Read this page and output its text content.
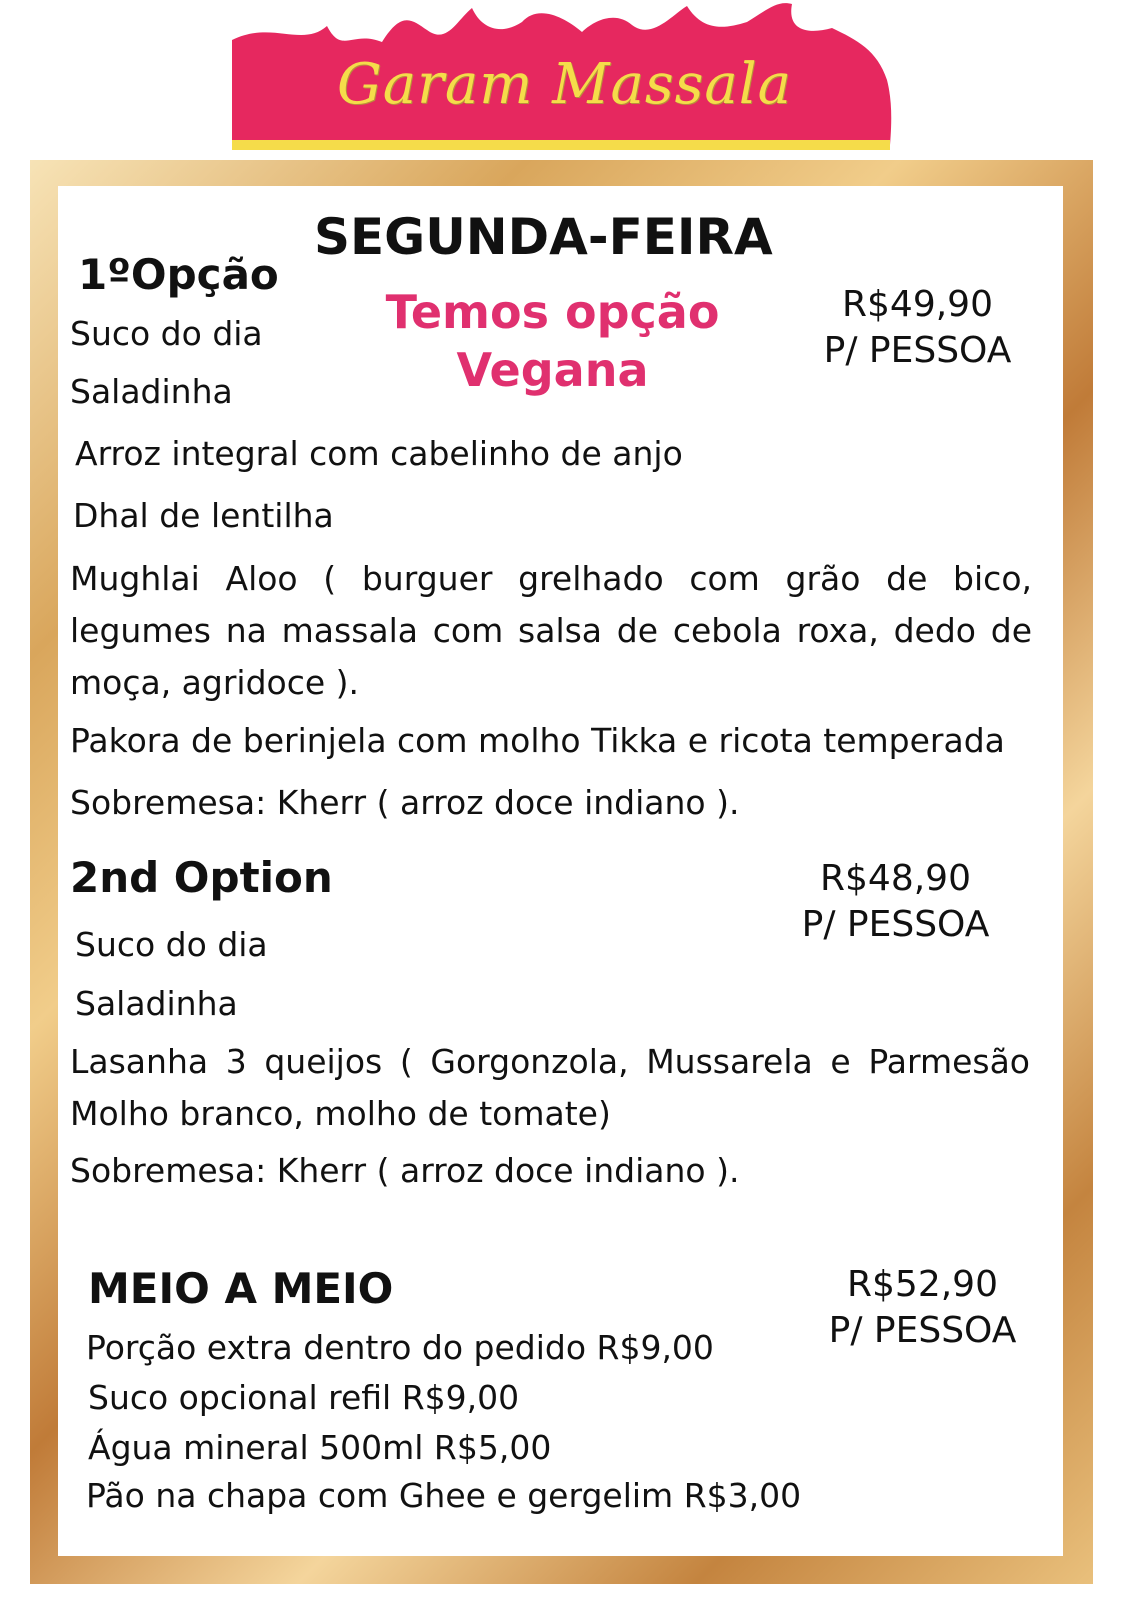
Garam Massala
SEGUNDA-FEIRA
Temos opção
Vegana
1ºOpção
R$49,90
P/ PESSOA
Suco do dia
Saladinha
Arroz integral com cabelinho de anjo
Dhal de lentilha
Mughlai Aloo ( burguer grelhado com grão de bico, legumes na massala com salsa de cebola roxa, dedo de moça, agridoce ).
Pakora de berinjela com molho Tikka e ricota temperada
Sobremesa: Kherr ( arroz doce indiano ).
2nd Option	R$48,90
P/ PESSOA
Suco do dia
Saladinha
Lasanha 3 queijos ( Gorgonzola, Mussarela e Parmesão Molho branco, molho de tomate)
Sobremesa: Kherr ( arroz doce indiano ).
MEIO A MEIO	R$52,90
P/ PESSOA
Porção extra dentro do pedido R$9,00
Suco opcional refil R$9,00
Água mineral 500ml R$5,00
Pão na chapa com Ghee e gergelim R$3,00
